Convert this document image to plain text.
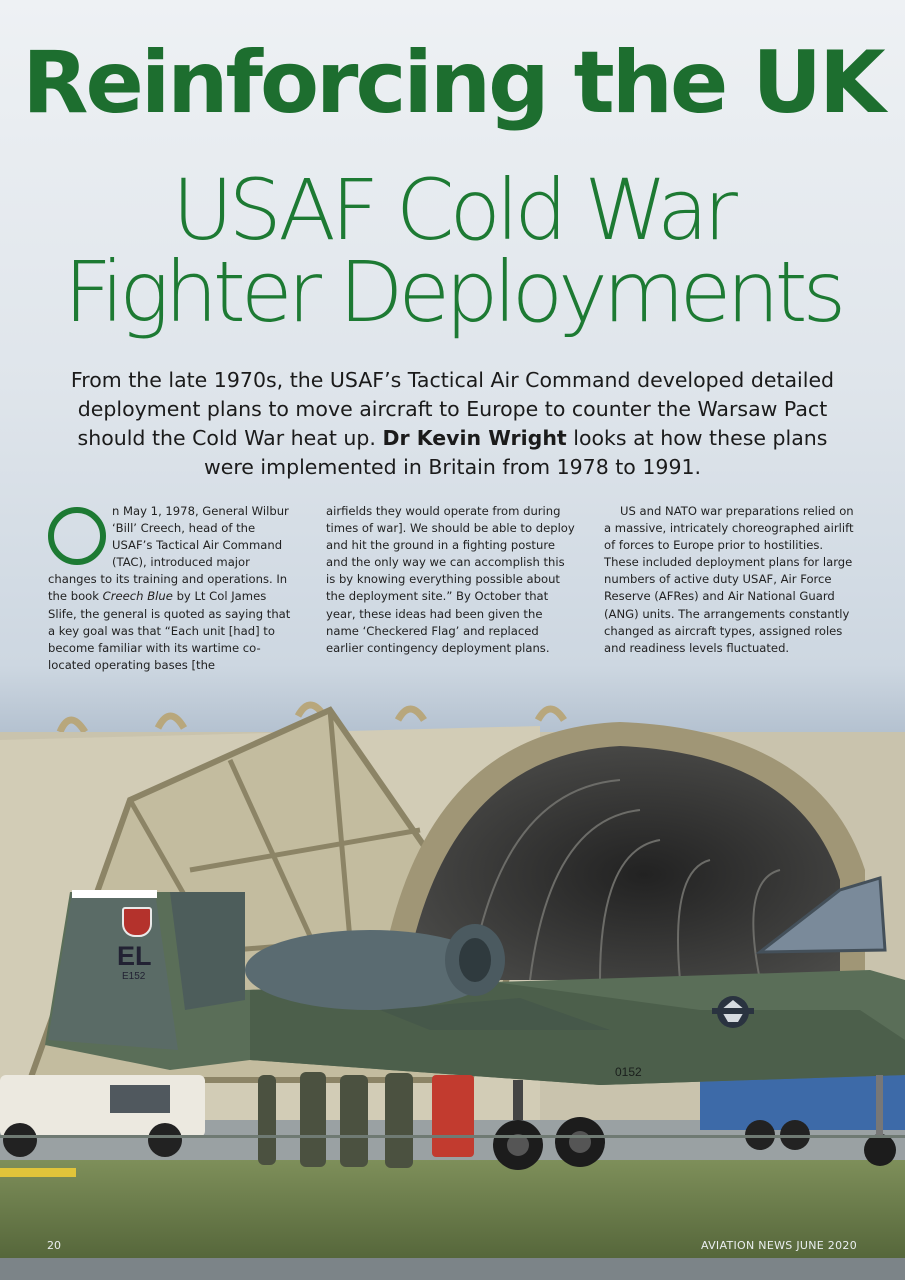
Reinforcing the UK
USAF Cold War
Fighter Deployments
From the late 1970s, the USAF’s Tactical Air Command developed detailed deployment plans to move aircraft to Europe to counter the Warsaw Pact should the Cold War heat up. Dr Kevin Wright looks at how these plans were implemented in Britain from 1978 to 1991.

n May 1, 1978, General Wilbur ‘Bill’ Creech, head of the USAF’s Tactical Air Command (TAC), introduced major changes to its training and operations. In the book Creech Blue by Lt Col James Slife, the general is quoted as saying that a key goal was that “Each unit [had] to become familiar with its wartime co-located operating bases [the

airfields they would operate from during times of war]. We should be able to deploy and hit the ground in a fighting posture and the only way we can accomplish this is by knowing everything possible about the deployment site.” By October that year, these ideas had been given the name ‘Checkered Flag’ and replaced earlier contingency deployment plans.

US and NATO war preparations relied on a massive, intricately choreographed airlift of forces to Europe prior to hostilities. These included deployment plans for large numbers of active duty USAF, Air Force Reserve (AFRes) and Air National Guard (ANG) units. The arrangements constantly changed as aircraft types, assigned roles and readiness levels fluctuated.

EL
E152
0152
20	AVIATION NEWS JUNE 2020
